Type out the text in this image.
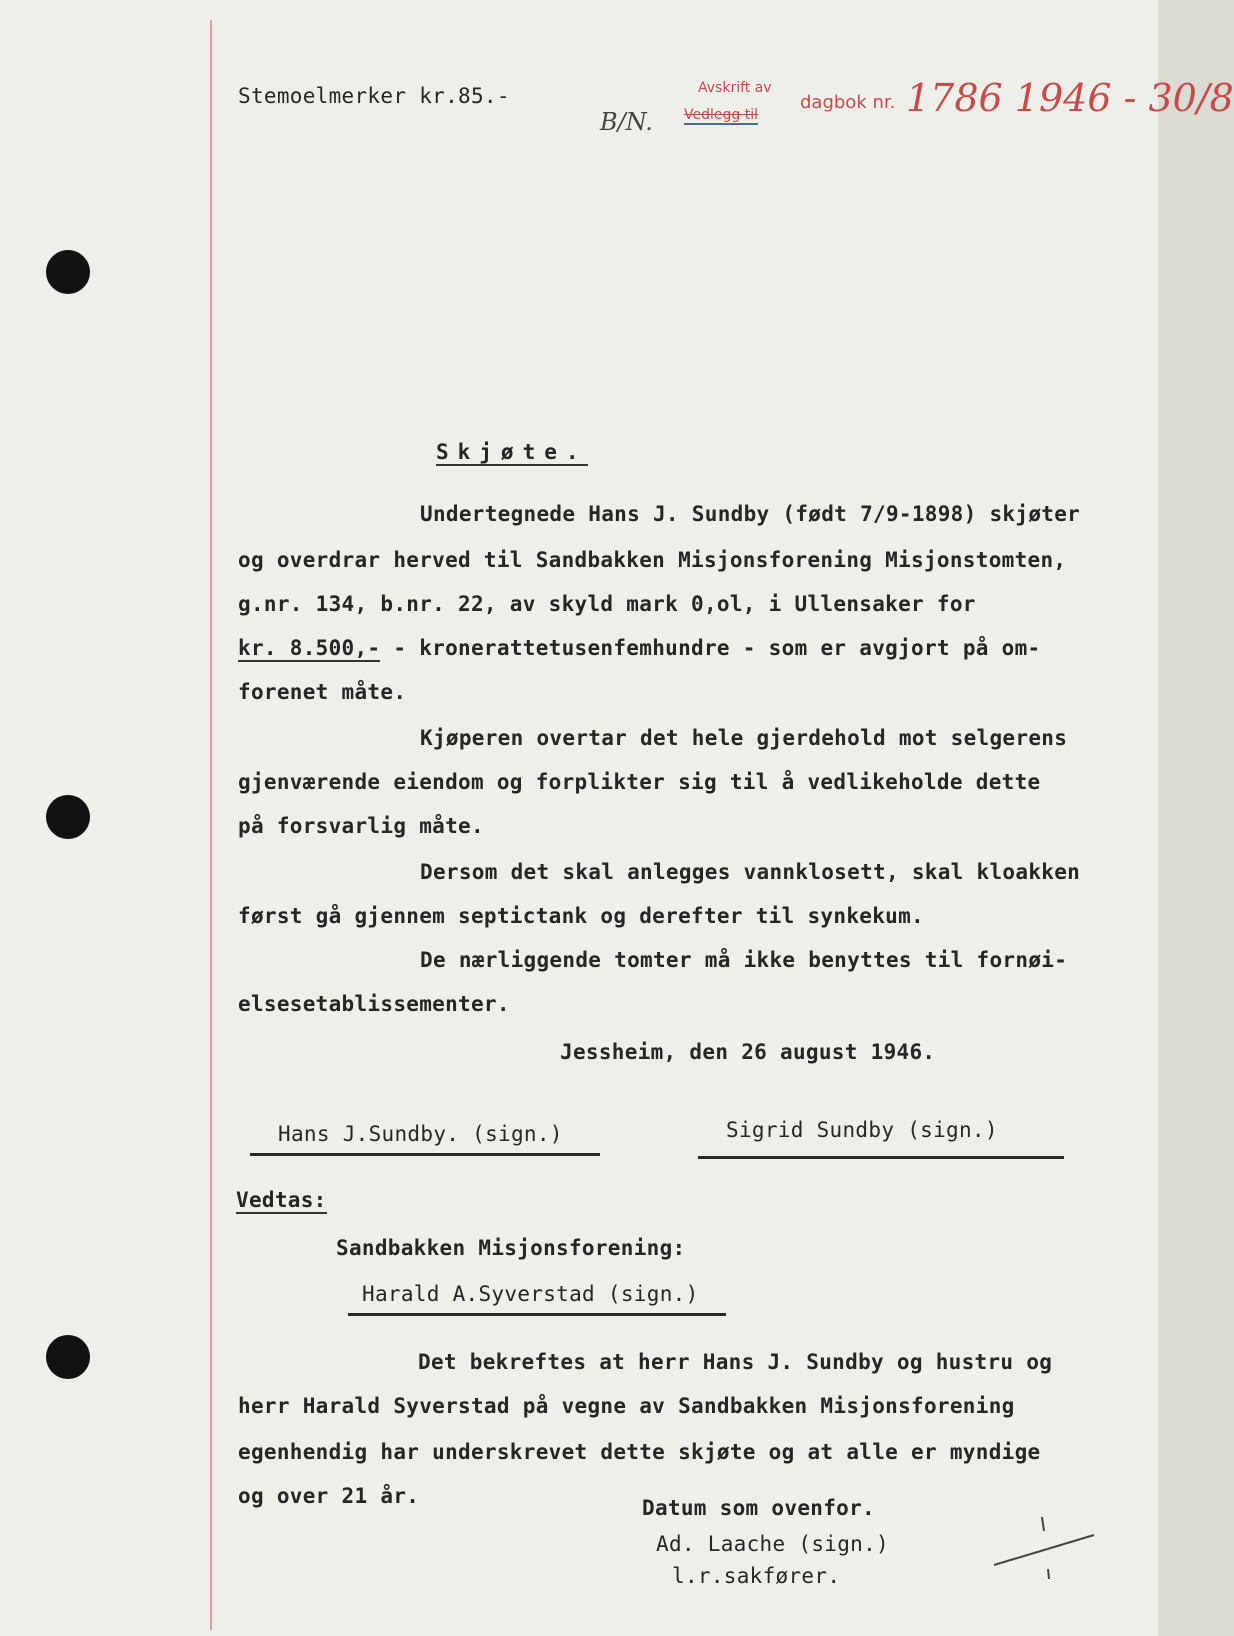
Stemoelmerker kr.85.-
B/N.
Avskrift av
Vedlegg til
dagbok nr. 1786 1946 - 30/8
Skjøte.
Undertegnede Hans J. Sundby (født 7/9-1898) skjøter
og overdrar herved til Sandbakken Misjonsforening Misjonstomten,
g.nr. 134, b.nr. 22, av skyld mark 0,ol, i Ullensaker for
kr. 8.500,- - kronerattetusenfemhundre - som er avgjort på om-
forenet måte.
Kjøperen overtar det hele gjerdehold mot selgerens
gjenværende eiendom og forplikter sig til å vedlikeholde dette
på forsvarlig måte.
Dersom det skal anlegges vannklosett, skal kloakken
først gå gjennem septictank og derefter til synkekum.
De nærliggende tomter må ikke benyttes til fornøi-
elsesetablissementer.
Jessheim, den 26 august 1946.
Hans J.Sundby. (sign.)	Sigrid Sundby (sign.)
Vedtas:
Sandbakken Misjonsforening:
Harald A.Syverstad (sign.)
Det bekreftes at herr Hans J. Sundby og hustru og
herr Harald Syverstad på vegne av Sandbakken Misjonsforening
egenhendig har underskrevet dette skjøte og at alle er myndige
og over 21 år.	Datum som ovenfor.
Ad. Laache (sign.)
l.r.sakfører.
